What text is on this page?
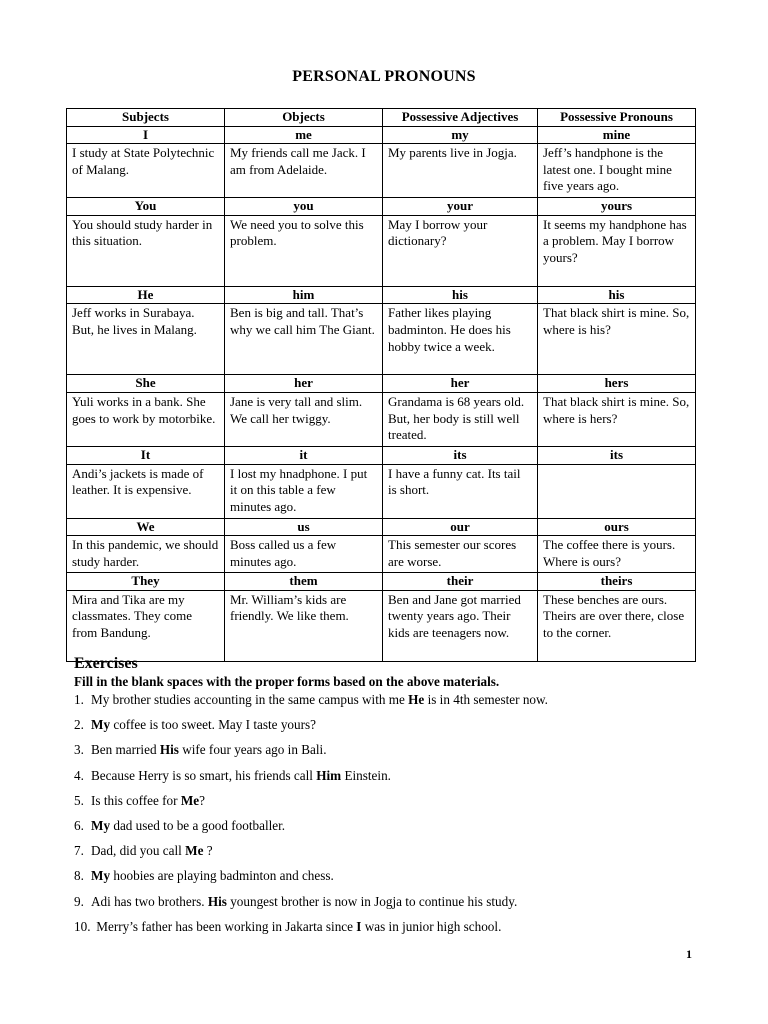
PERSONAL PRONOUNS
Subjects	Objects	Possessive Adjectives	Possessive Pronouns
I	me	my	mine
I study at State Polytechnic of Malang.	My friends call me Jack. I am from Adelaide.	My parents live in Jogja.	Jeff’s handphone is the latest one. I bought mine five years ago.
You	you	your	yours
You should study harder in this situation.	We need you to solve this problem.	May I borrow your dictionary?	It seems my handphone has a problem. May I borrow yours?
He	him	his	his
Jeff works in Surabaya. But, he lives in Malang.	Ben is big and tall. That’s why we call him The Giant.	Father likes playing badminton. He does his hobby twice a week.	That black shirt is mine. So, where is his?
She	her	her	hers
Yuli works in a bank. She goes to work by motorbike.	Jane is very tall and slim. We call her twiggy.	Grandama is 68 years old. But, her body is still well treated.	That black shirt is mine. So, where is hers?
It	it	its	its
Andi’s jackets is made of leather. It is expensive.	I lost my hnadphone. I put it on this table a few minutes ago.	I have a funny cat. Its tail is short.	
We	us	our	ours
In this pandemic, we should study harder.	Boss called us a few minutes ago.	This semester our scores are worse.	The coffee there is yours. Where is ours?
They	them	their	theirs
Mira and Tika are my classmates. They come from Bandung.	Mr. William’s kids are friendly. We like them.	Ben and Jane got married twenty years ago. Their kids are teenagers now.	These benches are ours. Theirs are over there, close to the corner.
Exercises
Fill in the blank spaces with the proper forms based on the above materials.
1. My brother studies accounting in the same campus with me He is in 4th semester now.
2. My coffee is too sweet. May I taste yours?
3. Ben married His wife four years ago in Bali.
4. Because Herry is so smart, his friends call Him Einstein.
5. Is this coffee for Me?
6. My dad used to be a good footballer.
7. Dad, did you call Me ?
8. My hoobies are playing badminton and chess.
9. Adi has two brothers. His youngest brother is now in Jogja to continue his study.
10. Merry’s father has been working in Jakarta since I was in junior high school.
1
